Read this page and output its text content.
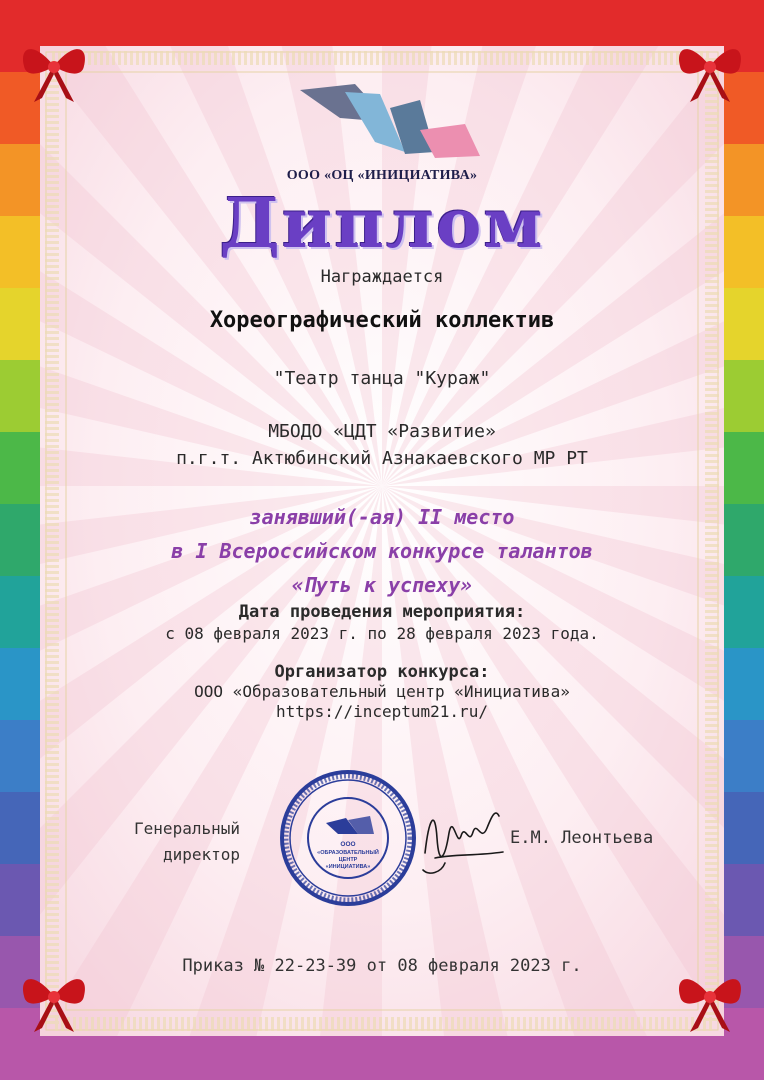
ООО «ОЦ «ИНИЦИАТИВА»
Диплом
Награждается
Хореографический коллектив
"Театр танца "Кураж"
МБОДО «ЦДТ «Развитие»
п.г.т. Актюбинский Азнакаевского МР РТ
занявший(-ая) II место
в I Всероссийском конкурсе талантов
«Путь к успеху»
Дата проведения мероприятия:
с 08 февраля 2023 г. по 28 февраля 2023 года.
Организатор конкурса:
ООО «Образовательный центр «Инициатива»
https://inceptum21.ru/
Генеральный
директор
ООО
«ОБРАЗОВАТЕЛЬНЫЙ
ЦЕНТР
«ИНИЦИАТИВА»
Е.М. Леонтьева
Приказ № 22-23-39 от 08 февраля 2023 г.
